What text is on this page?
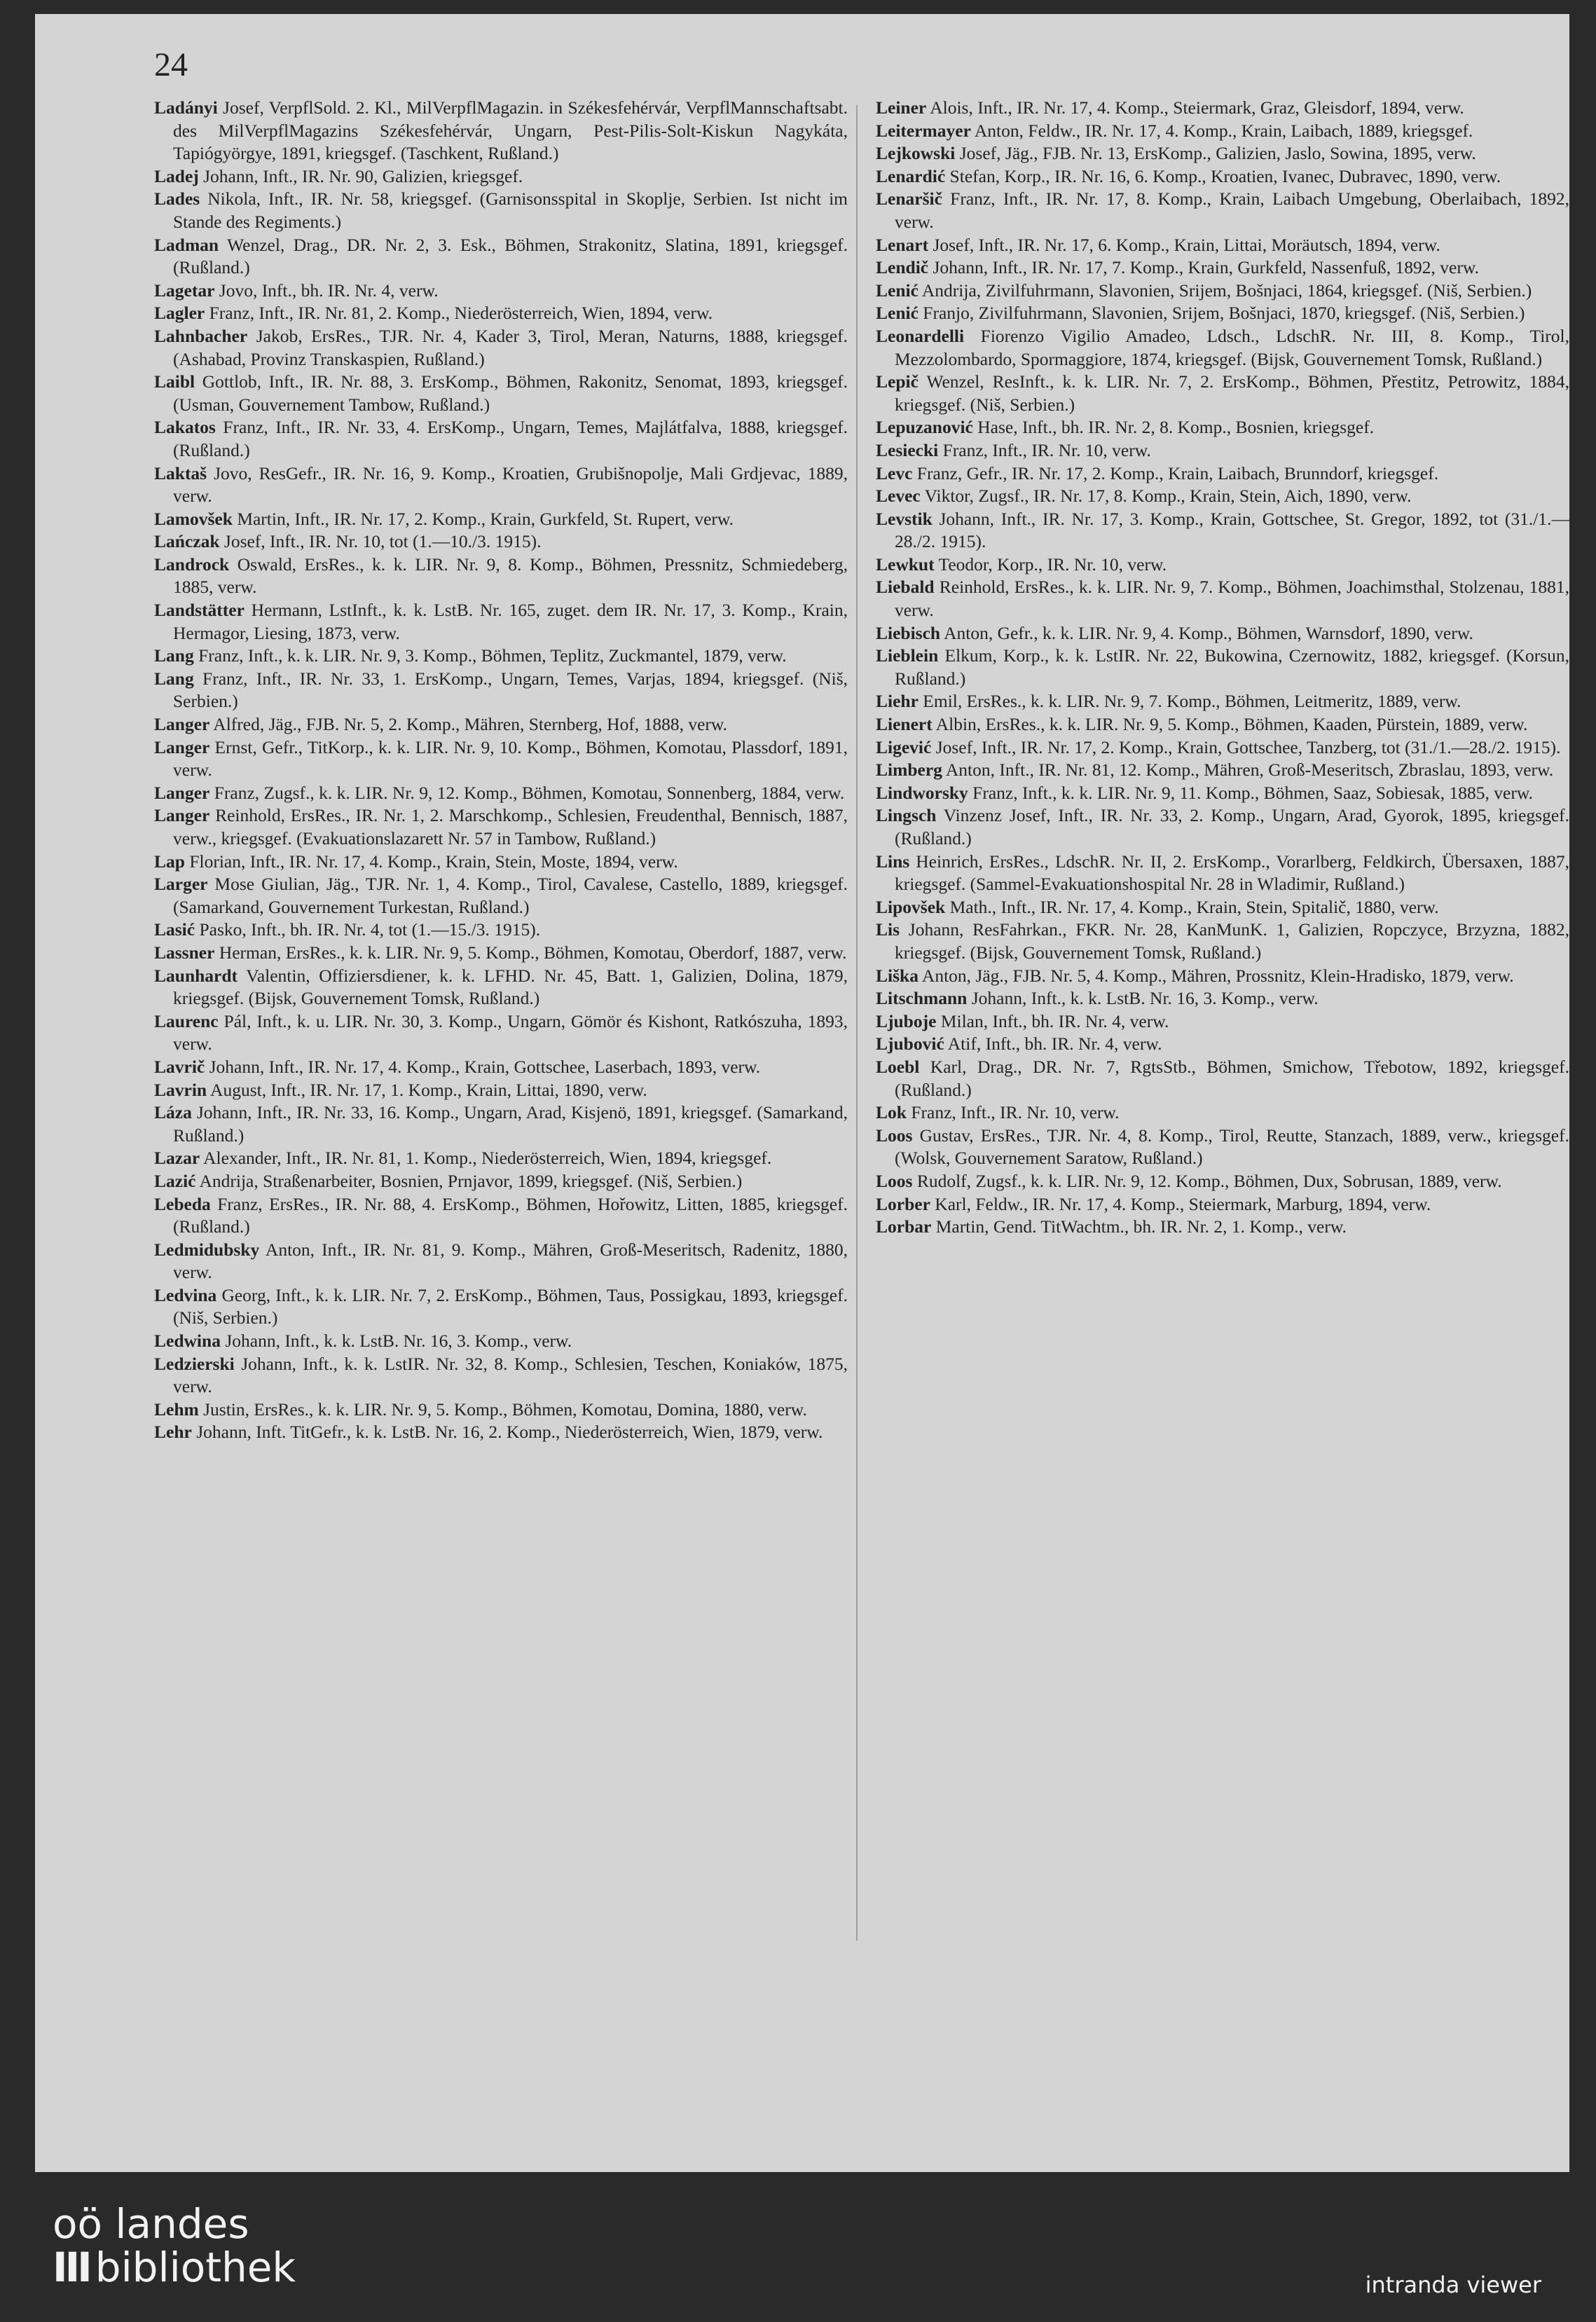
24

Ladányi Josef, VerpflSold. 2. Kl., MilVerpflMagazin. in Székesfehérvár, VerpflMannschaftsabt. des MilVerpflMagazins Székesfehérvár, Ungarn, Pest-Pilis-Solt-Kiskun Nagykáta, Tapiógyörgye, 1891, kriegsgef. (Taschkent, Rußland.)

Ladej Johann, Inft., IR. Nr. 90, Galizien, kriegsgef.

Lades Nikola, Inft., IR. Nr. 58, kriegsgef. (Garnisonsspital in Skoplje, Serbien. Ist nicht im Stande des Regiments.)

Ladman Wenzel, Drag., DR. Nr. 2, 3. Esk., Böhmen, Strakonitz, Slatina, 1891, kriegsgef. (Rußland.)

Lagetar Jovo, Inft., bh. IR. Nr. 4, verw.

Lagler Franz, Inft., IR. Nr. 81, 2. Komp., Niederösterreich, Wien, 1894, verw.

Lahnbacher Jakob, ErsRes., TJR. Nr. 4, Kader 3, Tirol, Meran, Naturns, 1888, kriegsgef. (Ashabad, Provinz Transkaspien, Rußland.)

Laibl Gottlob, Inft., IR. Nr. 88, 3. ErsKomp., Böhmen, Rakonitz, Senomat, 1893, kriegsgef. (Usman, Gouvernement Tambow, Rußland.)

Lakatos Franz, Inft., IR. Nr. 33, 4. ErsKomp., Ungarn, Temes, Majlátfalva, 1888, kriegsgef. (Rußland.)

Laktaš Jovo, ResGefr., IR. Nr. 16, 9. Komp., Kroatien, Grubišnopolje, Mali Grdjevac, 1889, verw.

Lamovšek Martin, Inft., IR. Nr. 17, 2. Komp., Krain, Gurkfeld, St. Rupert, verw.

Lańczak Josef, Inft., IR. Nr. 10, tot (1.—10./3. 1915).

Landrock Oswald, ErsRes., k. k. LIR. Nr. 9, 8. Komp., Böhmen, Pressnitz, Schmiedeberg, 1885, verw.

Landstätter Hermann, LstInft., k. k. LstB. Nr. 165, zuget. dem IR. Nr. 17, 3. Komp., Krain, Hermagor, Liesing, 1873, verw.

Lang Franz, Inft., k. k. LIR. Nr. 9, 3. Komp., Böhmen, Teplitz, Zuckmantel, 1879, verw.

Lang Franz, Inft., IR. Nr. 33, 1. ErsKomp., Ungarn, Temes, Varjas, 1894, kriegsgef. (Niš, Serbien.)

Langer Alfred, Jäg., FJB. Nr. 5, 2. Komp., Mähren, Sternberg, Hof, 1888, verw.

Langer Ernst, Gefr., TitKorp., k. k. LIR. Nr. 9, 10. Komp., Böhmen, Komotau, Plassdorf, 1891, verw.

Langer Franz, Zugsf., k. k. LIR. Nr. 9, 12. Komp., Böhmen, Komotau, Sonnenberg, 1884, verw.

Langer Reinhold, ErsRes., IR. Nr. 1, 2. Marschkomp., Schlesien, Freudenthal, Bennisch, 1887, verw., kriegsgef. (Evakuationslazarett Nr. 57 in Tambow, Rußland.)

Lap Florian, Inft., IR. Nr. 17, 4. Komp., Krain, Stein, Moste, 1894, verw.

Larger Mose Giulian, Jäg., TJR. Nr. 1, 4. Komp., Tirol, Cavalese, Castello, 1889, kriegsgef. (Samarkand, Gouvernement Turkestan, Rußland.)

Lasić Pasko, Inft., bh. IR. Nr. 4, tot (1.—15./3. 1915).

Lassner Herman, ErsRes., k. k. LIR. Nr. 9, 5. Komp., Böhmen, Komotau, Oberdorf, 1887, verw.

Launhardt Valentin, Offiziersdiener, k. k. LFHD. Nr. 45, Batt. 1, Galizien, Dolina, 1879, kriegsgef. (Bijsk, Gouvernement Tomsk, Rußland.)

Laurenc Pál, Inft., k. u. LIR. Nr. 30, 3. Komp., Ungarn, Gömör és Kishont, Ratkószuha, 1893, verw.

Lavrič Johann, Inft., IR. Nr. 17, 4. Komp., Krain, Gottschee, Laserbach, 1893, verw.

Lavrin August, Inft., IR. Nr. 17, 1. Komp., Krain, Littai, 1890, verw.

Láza Johann, Inft., IR. Nr. 33, 16. Komp., Ungarn, Arad, Kisjenö, 1891, kriegsgef. (Samarkand, Rußland.)

Lazar Alexander, Inft., IR. Nr. 81, 1. Komp., Niederösterreich, Wien, 1894, kriegsgef.

Lazić Andrija, Straßenarbeiter, Bosnien, Prnjavor, 1899, kriegsgef. (Niš, Serbien.)

Lebeda Franz, ErsRes., IR. Nr. 88, 4. ErsKomp., Böhmen, Hořowitz, Litten, 1885, kriegsgef. (Rußland.)

Ledmidubsky Anton, Inft., IR. Nr. 81, 9. Komp., Mähren, Groß-Meseritsch, Radenitz, 1880, verw.

Ledvina Georg, Inft., k. k. LIR. Nr. 7, 2. ErsKomp., Böhmen, Taus, Possigkau, 1893, kriegsgef. (Niš, Serbien.)

Ledwina Johann, Inft., k. k. LstB. Nr. 16, 3. Komp., verw.

Ledzierski Johann, Inft., k. k. LstIR. Nr. 32, 8. Komp., Schlesien, Teschen, Koniaków, 1875, verw.

Lehm Justin, ErsRes., k. k. LIR. Nr. 9, 5. Komp., Böhmen, Komotau, Domina, 1880, verw.

Lehr Johann, Inft. TitGefr., k. k. LstB. Nr. 16, 2. Komp., Niederösterreich, Wien, 1879, verw.

Leiner Alois, Inft., IR. Nr. 17, 4. Komp., Steiermark, Graz, Gleisdorf, 1894, verw.

Leitermayer Anton, Feldw., IR. Nr. 17, 4. Komp., Krain, Laibach, 1889, kriegsgef.

Lejkowski Josef, Jäg., FJB. Nr. 13, ErsKomp., Galizien, Jaslo, Sowina, 1895, verw.

Lenardić Stefan, Korp., IR. Nr. 16, 6. Komp., Kroatien, Ivanec, Dubravec, 1890, verw.

Lenaršič Franz, Inft., IR. Nr. 17, 8. Komp., Krain, Laibach Umgebung, Oberlaibach, 1892, verw.

Lenart Josef, Inft., IR. Nr. 17, 6. Komp., Krain, Littai, Moräutsch, 1894, verw.

Lendič Johann, Inft., IR. Nr. 17, 7. Komp., Krain, Gurkfeld, Nassenfuß, 1892, verw.

Lenić Andrija, Zivilfuhrmann, Slavonien, Srijem, Bošnjaci, 1864, kriegsgef. (Niš, Serbien.)

Lenić Franjo, Zivilfuhrmann, Slavonien, Srijem, Bošnjaci, 1870, kriegsgef. (Niš, Serbien.)

Leonardelli Fiorenzo Vigilio Amadeo, Ldsch., LdschR. Nr. III, 8. Komp., Tirol, Mezzolombardo, Spormaggiore, 1874, kriegsgef. (Bijsk, Gouvernement Tomsk, Rußland.)

Lepič Wenzel, ResInft., k. k. LIR. Nr. 7, 2. ErsKomp., Böhmen, Přestitz, Petrowitz, 1884, kriegsgef. (Niš, Serbien.)

Lepuzanović Hase, Inft., bh. IR. Nr. 2, 8. Komp., Bosnien, kriegsgef.

Lesiecki Franz, Inft., IR. Nr. 10, verw.

Levc Franz, Gefr., IR. Nr. 17, 2. Komp., Krain, Laibach, Brunndorf, kriegsgef.

Levec Viktor, Zugsf., IR. Nr. 17, 8. Komp., Krain, Stein, Aich, 1890, verw.

Levstik Johann, Inft., IR. Nr. 17, 3. Komp., Krain, Gottschee, St. Gregor, 1892, tot (31./1.—28./2. 1915).

Lewkut Teodor, Korp., IR. Nr. 10, verw.

Liebald Reinhold, ErsRes., k. k. LIR. Nr. 9, 7. Komp., Böhmen, Joachimsthal, Stolzenau, 1881, verw.

Liebisch Anton, Gefr., k. k. LIR. Nr. 9, 4. Komp., Böhmen, Warnsdorf, 1890, verw.

Lieblein Elkum, Korp., k. k. LstIR. Nr. 22, Bukowina, Czernowitz, 1882, kriegsgef. (Korsun, Rußland.)

Liehr Emil, ErsRes., k. k. LIR. Nr. 9, 7. Komp., Böhmen, Leitmeritz, 1889, verw.

Lienert Albin, ErsRes., k. k. LIR. Nr. 9, 5. Komp., Böhmen, Kaaden, Pürstein, 1889, verw.

Ligević Josef, Inft., IR. Nr. 17, 2. Komp., Krain, Gottschee, Tanzberg, tot (31./1.—28./2. 1915).

Limberg Anton, Inft., IR. Nr. 81, 12. Komp., Mähren, Groß-Meseritsch, Zbraslau, 1893, verw.

Lindworsky Franz, Inft., k. k. LIR. Nr. 9, 11. Komp., Böhmen, Saaz, Sobiesak, 1885, verw.

Lingsch Vinzenz Josef, Inft., IR. Nr. 33, 2. Komp., Ungarn, Arad, Gyorok, 1895, kriegsgef. (Rußland.)

Lins Heinrich, ErsRes., LdschR. Nr. II, 2. ErsKomp., Vorarlberg, Feldkirch, Übersaxen, 1887, kriegsgef. (Sammel-Evakuationshospital Nr. 28 in Wladimir, Rußland.)

Lipovšek Math., Inft., IR. Nr. 17, 4. Komp., Krain, Stein, Spitalič, 1880, verw.

Lis Johann, ResFahrkan., FKR. Nr. 28, KanMunK. 1, Galizien, Ropczyce, Brzyzna, 1882, kriegsgef. (Bijsk, Gouvernement Tomsk, Rußland.)

Liška Anton, Jäg., FJB. Nr. 5, 4. Komp., Mähren, Prossnitz, Klein-Hradisko, 1879, verw.

Litschmann Johann, Inft., k. k. LstB. Nr. 16, 3. Komp., verw.

Ljuboje Milan, Inft., bh. IR. Nr. 4, verw.

Ljubović Atif, Inft., bh. IR. Nr. 4, verw.

Loebl Karl, Drag., DR. Nr. 7, RgtsStb., Böhmen, Smichow, Třebotow, 1892, kriegsgef. (Rußland.)

Lok Franz, Inft., IR. Nr. 10, verw.

Loos Gustav, ErsRes., TJR. Nr. 4, 8. Komp., Tirol, Reutte, Stanzach, 1889, verw., kriegsgef. (Wolsk, Gouvernement Saratow, Rußland.)

Loos Rudolf, Zugsf., k. k. LIR. Nr. 9, 12. Komp., Böhmen, Dux, Sobrusan, 1889, verw.

Lorber Karl, Feldw., IR. Nr. 17, 4. Komp., Steiermark, Marburg, 1894, verw.

Lorbar Martin, Gend. TitWachtm., bh. IR. Nr. 2, 1. Komp., verw.

oö landes
III bibliothek	intranda viewer
